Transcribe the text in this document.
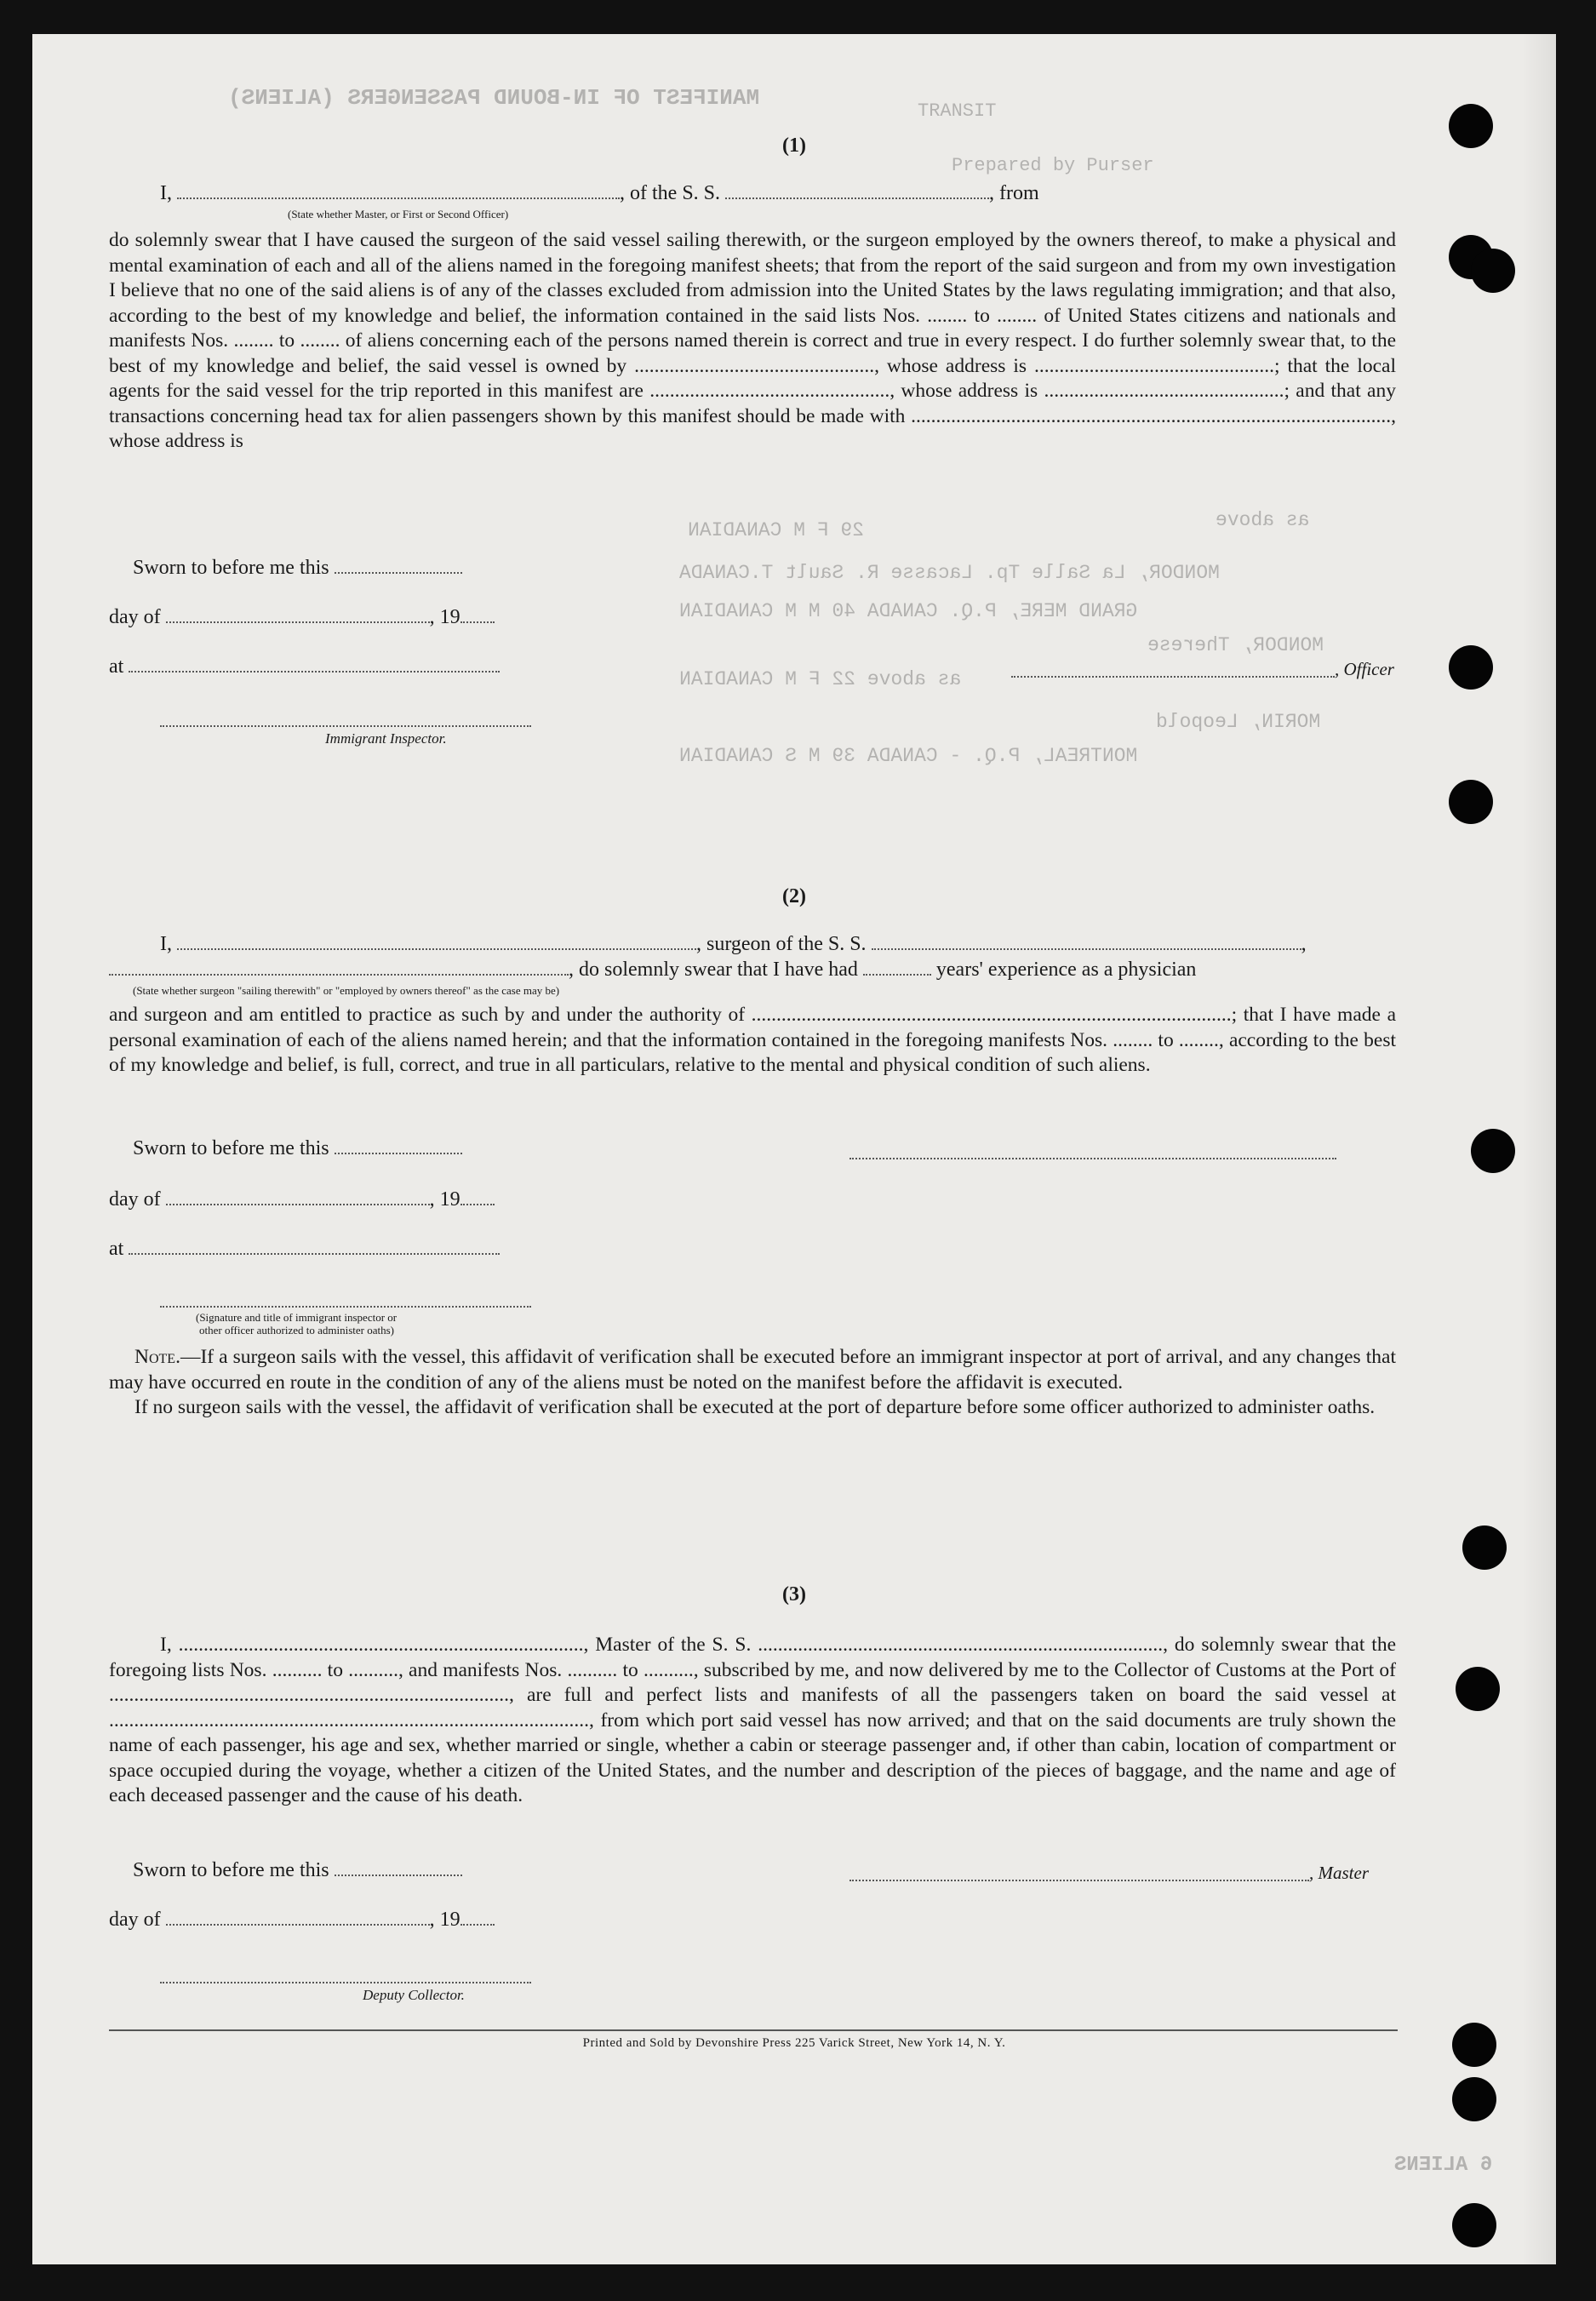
MANIFEST OF IN-BOUND PASSENGERS (ALIENS)
TRANSIT
Prepared by Purser
29 F M CANADIAN	as above
MONDOR, La Salle Tp. Lacasse R. Sault T.CANADA
GRAND MERE, P.Q. CANADA 40 M M CANADIAN
MONDOR, Therese
as above 22 F M CANADIAN
MORIN, Leopold
MONTREAL, P.Q. - CANADA 39 M S CANADIAN
6 ALIENS
(1)
I,	, of the S. S.	, from
(State whether Master, or First or Second Officer)

do solemnly swear that I have caused the surgeon of the said vessel sailing therewith, or the surgeon employed by the owners thereof, to make a physical and mental examination of each and all of the aliens named in the foregoing manifest sheets; that from the report of the said surgeon and from my own investigation I believe that no one of the said aliens is of any of the classes excluded from admission into the United States by the laws regulating immigration; and that also, according to the best of my knowledge and belief, the information contained in the said lists Nos. ........ to ........ of United States citizens and nationals and manifests Nos. ........ to ........ of aliens concerning each of the persons named therein is correct and true in every respect. I do further solemnly swear that, to the best of my knowledge and belief, the said vessel is owned by ................................................, whose address is ................................................; that the local agents for the said vessel for the trip reported in this manifest are ................................................, whose address is ................................................; and that any transactions concerning head tax for alien passengers shown by this manifest should be made with ................................................................................................, whose address is

Sworn to before me this
day of	, 19
at	, Officer
Immigrant Inspector.
(2)
I,	, surgeon of the S. S.	,
, do solemnly swear that I have had	years' experience as a physician
(State whether surgeon "sailing therewith" or "employed by owners thereof" as the case may be)

and surgeon and am entitled to practice as such by and under the authority of ................................................................................................; that I have made a personal examination of each of the aliens named herein; and that the information contained in the foregoing manifests Nos. ........ to ........, according to the best of my knowledge and belief, is full, correct, and true in all particulars, relative to the mental and physical condition of such aliens.

Sworn to before me this
day of	, 19
at
(Signature and title of immigrant inspector or
other officer authorized to administer oaths)

Note.—If a surgeon sails with the vessel, this affidavit of verification shall be executed before an immigrant inspector at port of arrival, and any changes that may have occurred en route in the condition of any of the aliens must be noted on the manifest before the affidavit is executed.

If no surgeon sails with the vessel, the affidavit of verification shall be executed at the port of departure before some officer authorized to administer oaths.

(3)

I, ................................................................................., Master of the S. S. ................................................................................., do solemnly swear that the foregoing lists Nos. .......... to .........., and manifests Nos. .......... to .........., subscribed by me, and now delivered by me to the Collector of Customs at the Port of ................................................................................, are full and perfect lists and manifests of all the passengers taken on board the said vessel at ................................................................................................, from which port said vessel has now arrived; and that on the said documents are truly shown the name of each passenger, his age and sex, whether married or single, whether a cabin or steerage passenger and, if other than cabin, location of compartment or space occupied during the voyage, whether a citizen of the United States, and the number and description of the pieces of baggage, and the name and age of each deceased passenger and the cause of his death.

Sworn to before me this	, Master
day of	, 19
Deputy Collector.
Printed and Sold by Devonshire Press 225 Varick Street, New York 14, N. Y.
